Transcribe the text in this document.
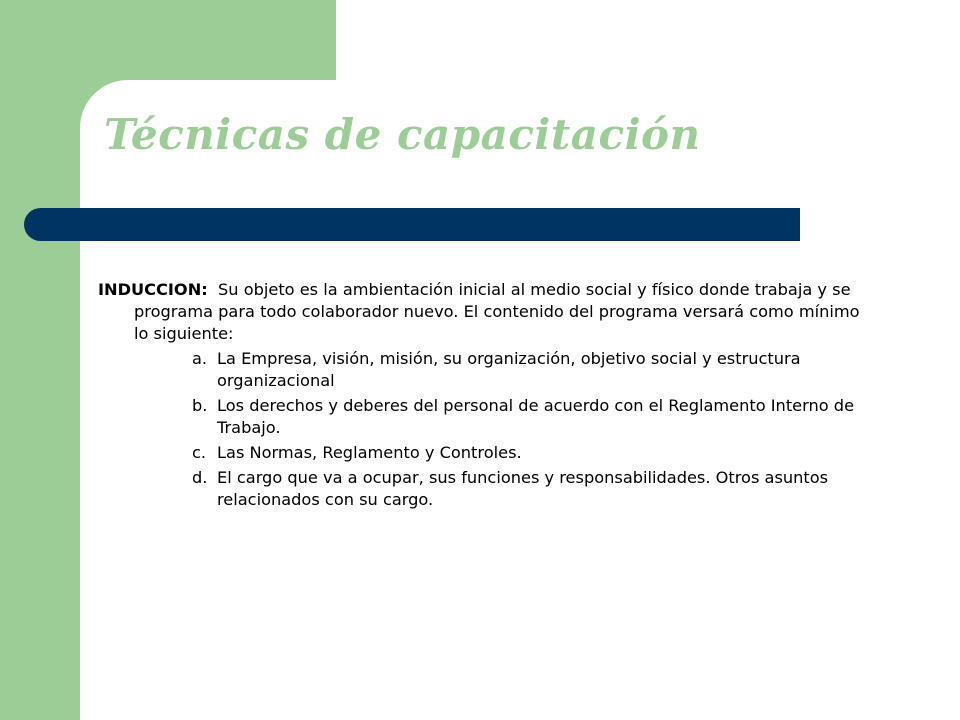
Técnicas de capacitación

INDUCCION: Su objeto es la ambientación inicial al medio social y físico donde trabaja y se programa para todo colaborador nuevo. El contenido del programa versará como mínimo lo siguiente:

a. La Empresa, visión, misión, su organización, objetivo social y estructura organizacional
b. Los derechos y deberes del personal de acuerdo con el Reglamento Interno de Trabajo.
c. Las Normas, Reglamento y Controles.
d. El cargo que va a ocupar, sus funciones y responsabilidades. Otros asuntos relacionados con su cargo.
